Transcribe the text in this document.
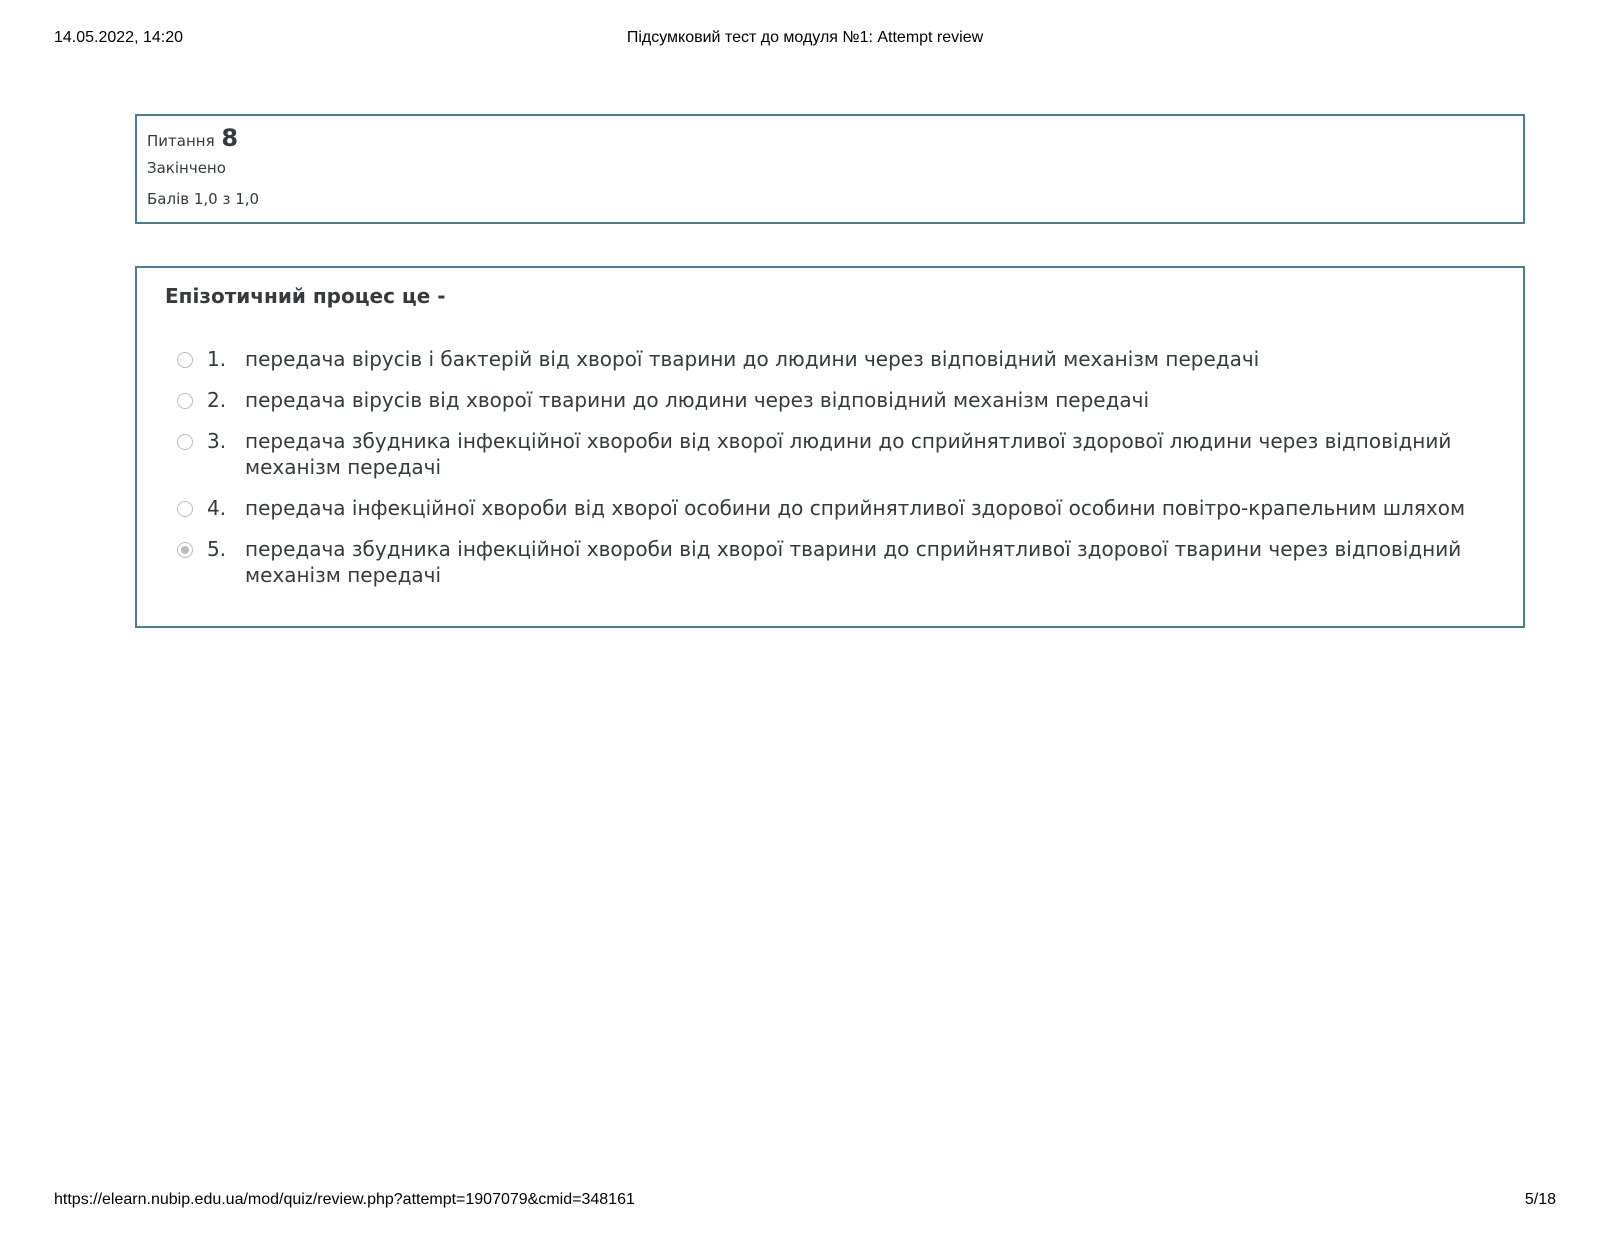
14.05.2022, 14:20	Підсумковий тест до модуля №1: Attempt review
Питання 8
Закінчено
Балів 1,0 з 1,0
Епізотичний процес це -
1. передача вірусів і бактерій від хворої тварини до людини через відповідний механізм передачі
2. передача вірусів від хворої тварини до людини через відповідний механізм передачі
3. передача збудника інфекційної хвороби від хворої людини до сприйнятливої здорової людини через відповідний механізм передачі
4. передача інфекційної хвороби від хворої особини до сприйнятливої здорової особини повітро-крапельним шляхом
5. передача збудника інфекційної хвороби від хворої тварини до сприйнятливої здорової тварини через відповідний механізм передачі
https://elearn.nubip.edu.ua/mod/quiz/review.php?attempt=1907079&cmid=348161	5/18
